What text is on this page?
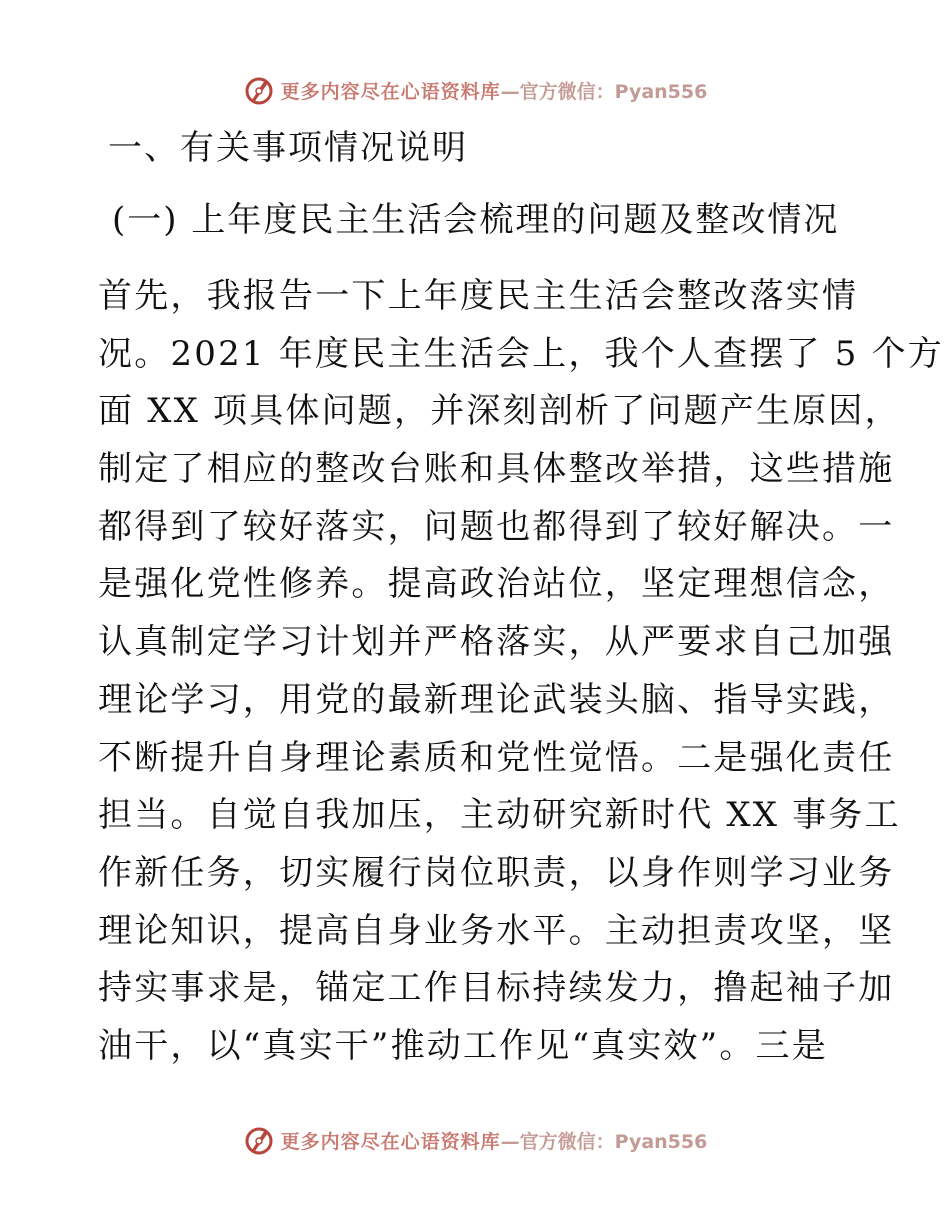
更多内容尽在心语资料库 —官方微信：Pyan556
一、有关事项情况说明
(一) 上年度民主生活会梳理的问题及整改情况
首先，我报告一下上年度民主生活会整改落实情
况。2021 年度民主生活会上，我个人查摆了 5 个方
面 XX 项具体问题，并深刻剖析了问题产生原因，
制定了相应的整改台账和具体整改举措，这些措施
都得到了较好落实，问题也都得到了较好解决。一
是强化党性修养。提高政治站位，坚定理想信念，
认真制定学习计划并严格落实，从严要求自己加强
理论学习，用党的最新理论武装头脑、指导实践，
不断提升自身理论素质和党性觉悟。二是强化责任
担当。自觉自我加压，主动研究新时代 XX 事务工
作新任务，切实履行岗位职责，以身作则学习业务
理论知识，提高自身业务水平。主动担责攻坚，坚
持实事求是，锚定工作目标持续发力，撸起袖子加
油干，以“真实干”推动工作见“真实效”。三是
更多内容尽在心语资料库 —官方微信：Pyan556
